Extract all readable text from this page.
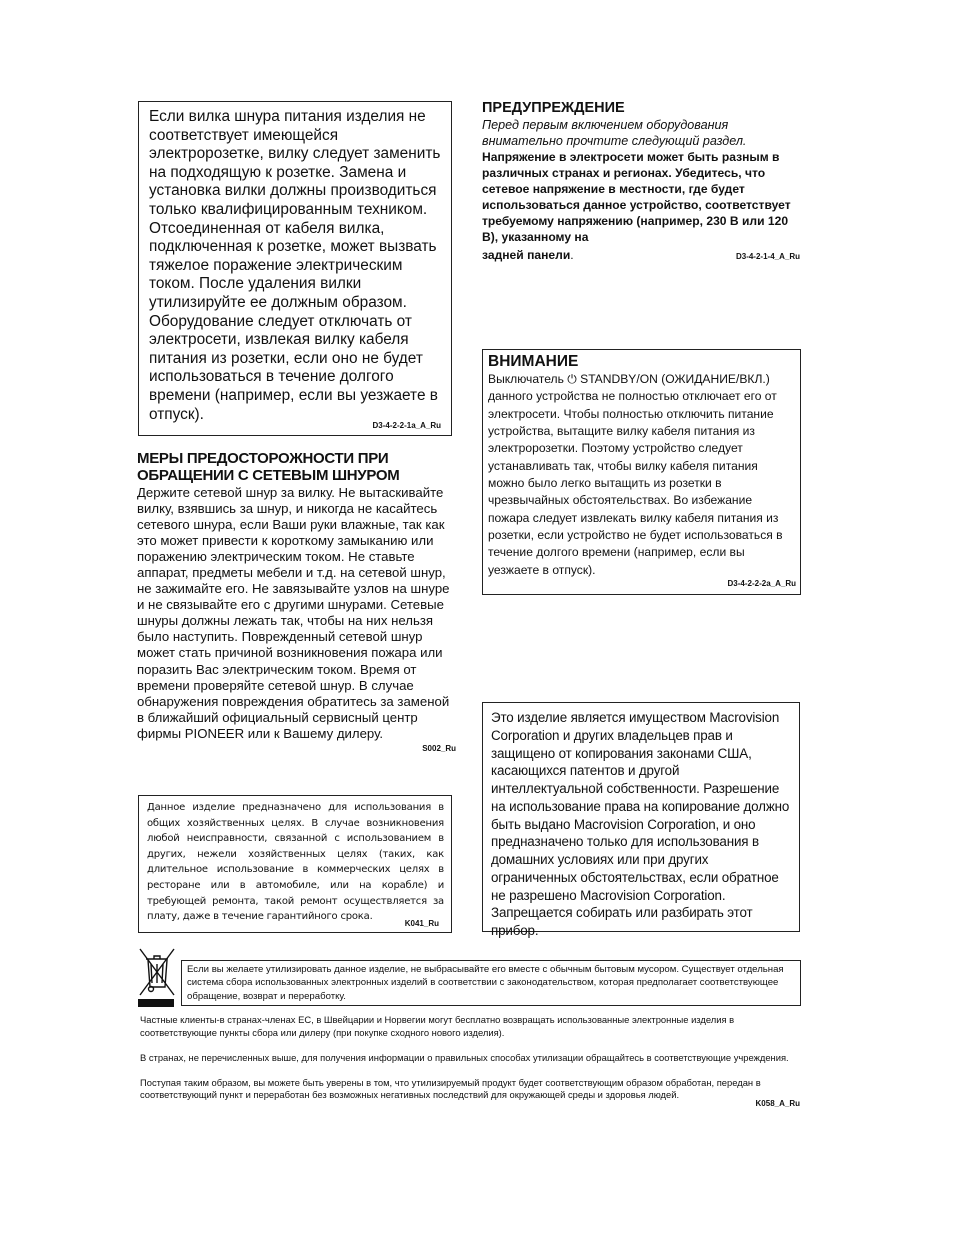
Если вилка шнура питания изделия не соответствует имеющейся электророзетке, вилку следует заменить на подходящую к розетке. Замена и установка вилки должны производиться только квалифицированным техником. Отсоединенная от кабеля вилка, подключенная к розетке, может вызвать тяжелое поражение электрическим током. После удаления вилки утилизируйте ее должным образом. Оборудование следует отключать от электросети, извлекая вилку кабеля питания из розетки, если оно не будет использоваться в течение долгого времени (например, если вы уезжаете в отпуск).

D3-4-2-2-1a_A_Ru
МЕРЫ ПРЕДОСТОРОЖНОСТИ ПРИ
ОБРАЩЕНИИ С СЕТЕВЫМ ШНУРОМ

Держите сетевой шнур за вилку. Не вытаскивайте вилку, взявшись за шнур, и никогда не касайтесь сетевого шнура, если Ваши руки влажные, так как это может привести к короткому замыканию или поражению электрическим током. Не ставьте аппарат, предметы мебели и т.д. на сетевой шнур, не зажимайте его. Не завязывайте узлов на шнуре и не связывайте его с другими шнурами. Сетевые шнуры должны лежать так, чтобы на них нельзя было наступить. Поврежденный сетевой шнур может стать причиной возникновения пожара или поразить Вас электрическим током. Время от времени проверяйте сетевой шнур. В случае обнаружения повреждения обратитесь за заменой в ближайший официальный сервисный центр фирмы PIONEER или к Вашему дилеру.

S002_Ru

Данное изделие предназначено для использования в общих хозяйственных целях. В случае возникновения любой неисправности, связанной с использованием в других, нежели хозяйственных целях (таких, как длительное использование в коммерческих целях в ресторане или в автомобиле, или на корабле) и требующей ремонта, такой ремонт осуществляется за плату, даже в течение гарантийного срока.

K041_Ru
ПРЕДУПРЕЖДЕНИЕ

Перед первым включением оборудования внимательно прочтите следующий раздел.

Напряжение в электросети может быть разным в различных странах и регионах. Убедитесь, что сетевое напряжение в местности, где будет использоваться данное устройство, соответствует требуемому напряжению (например, 230 В или 120 В), указанному на

задней панели.	D3-4-2-1-4_A_Ru
ВНИМАНИЕ

Выключатель ⏻ STANDBY/ON (ОЖИДАНИЕ/ВКЛ.) данного устройства не полностью отключает его от электросети. Чтобы полностью отключить питание устройства, вытащите вилку кабеля питания из электророзетки. Поэтому устройство следует устанавливать так, чтобы вилку кабеля питания можно было легко вытащить из розетки в чрезвычайных обстоятельствах. Во избежание пожара следует извлекать вилку кабеля питания из розетки, если устройство не будет использоваться в течение долгого времени (например, если вы уезжаете в отпуск).

D3-4-2-2-2a_A_Ru

Это изделие является имуществом Macrovision Corporation и других владельцев прав и защищено от копирования законами США, касающихся патентов и другой интеллектуальной собственности. Разрешение на использование права на копирование должно быть выдано Macrovision Corporation, и оно предназначено только для использования в домашних условиях или при других ограниченных обстоятельствах, если обратное не разрешено Macrovision Corporation. Запрещается собирать или разбирать этот прибор.

Если вы желаете утилизировать данное изделие, не выбрасывайте его вместе с обычным бытовым мусором. Существует отдельная система сбора использованных электронных изделий в соответствии с законодательством, которая предполагает соответствующее обращение, возврат и переработку.

Частные клиенты-в странах-членах ЕС, в Швейцарии и Норвегии могут бесплатно возвращать использованные электронные изделия в соответствующие пункты сбора или дилеру (при покупке сходного нового изделия).

В странах, не перечисленных выше, для получения информации о правильных способах утилизации обращайтесь в соответствующие учреждения.

Поступая таким образом, вы можете быть уверены в том, что утилизируемый продукт будет соответствующим образом обработан, передан в соответствующий пункт и переработан без возможных негативных последствий для окружающей среды и здоровья людей.

K058_A_Ru
